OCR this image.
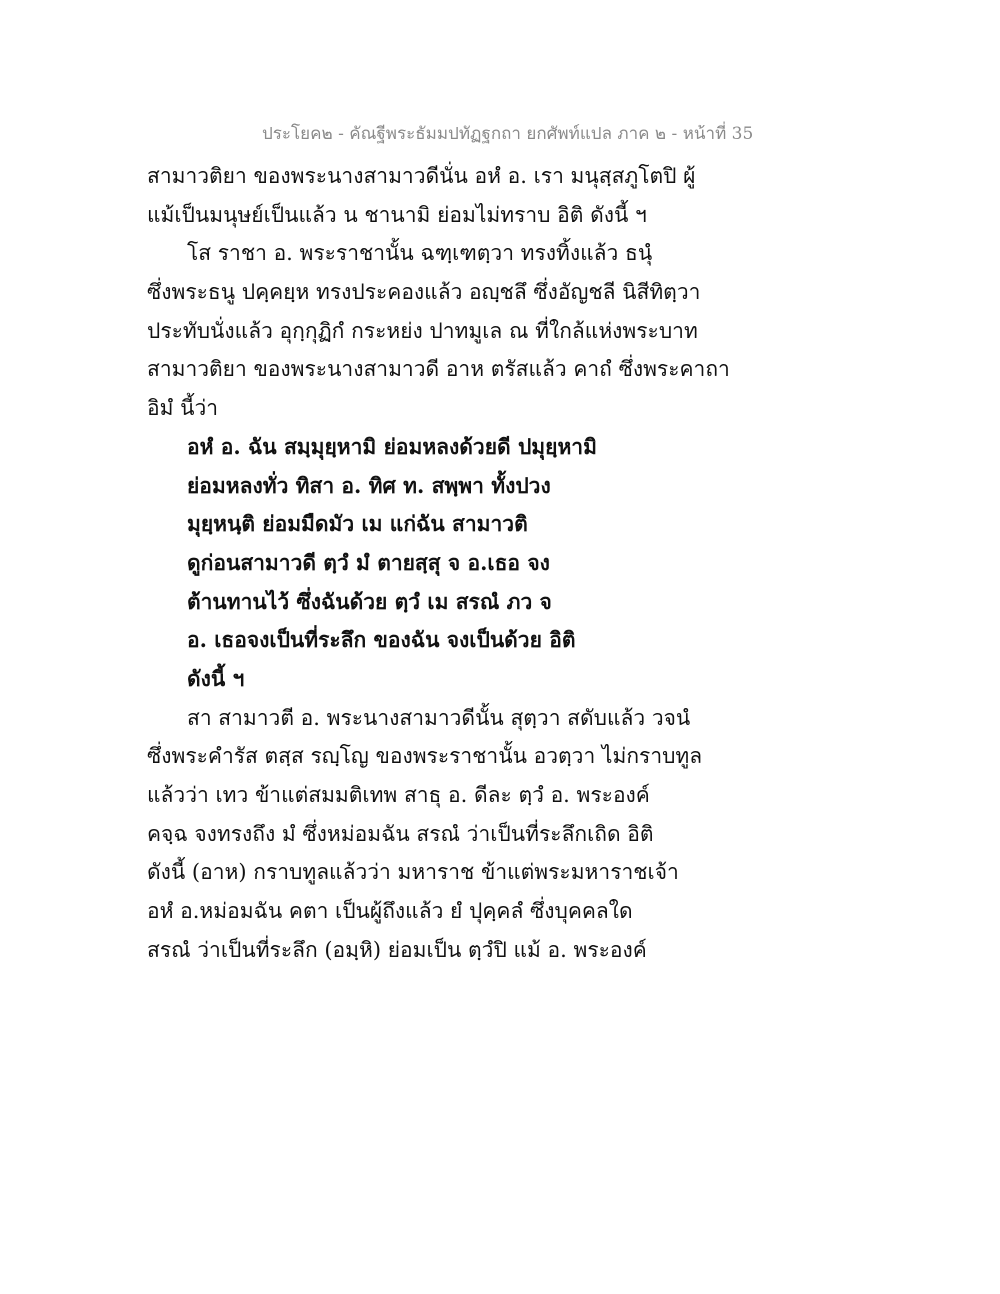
ประโยค๒ - คัณฐีพระธัมมปทัฏฐกถา ยกศัพท์แปล ภาค ๒ - หน้าที่ 35
สามาวติยา ของพระนางสามาวดีนั่น อหํ อ. เรา มนุสฺสภูโตปิ ผู้
แม้เป็นมนุษย์เป็นแล้ว น ชานามิ ย่อมไม่ทราบ อิติ ดังนี้ ฯ
โส ราชา อ. พระราชานั้น ฉฑฺเฑตฺวา ทรงทิ้งแล้ว ธนุํ
ซึ่งพระธนู ปคฺคยฺห ทรงประคองแล้ว อญฺชลึ ซึ่งอัญชลี นิสีทิตฺวา
ประทับนั่งแล้ว อุกฺกุฏิกํ กระหย่ง ปาทมูเล ณ ที่ใกล้แห่งพระบาท
สามาวติยา ของพระนางสามาวดี อาห ตรัสแล้ว คาถํ ซึ่งพระคาถา
อิมํ นี้ว่า
อหํ อ. ฉัน สมฺมุยฺหามิ ย่อมหลงด้วยดี ปมุยฺหามิ
ย่อมหลงทั่ว ทิสา อ. ทิศ ท. สพฺพา ทั้งปวง
มุยฺหนฺติ ย่อมมืดมัว เม แก่ฉัน สามาวติ
ดูก่อนสามาวดี ตฺวํ มํ ตายสฺสุ จ อ.เธอ จง
ต้านทานไว้ ซึ่งฉันด้วย ตฺวํ เม สรณํ ภว จ
อ. เธอจงเป็นที่ระลึก ของฉัน จงเป็นด้วย อิติ
ดังนี้ ฯ
สา สามาวตี อ. พระนางสามาวดีนั้น สุตฺวา สดับแล้ว วจนํ
ซึ่งพระคำรัส ตสฺส รญฺโญ ของพระราชานั้น อวตฺวา ไม่กราบทูล
แล้วว่า เทว ข้าแต่สมมติเทพ สาธุ อ. ดีละ ตฺวํ อ. พระองค์
คจฺฉ จงทรงถึง มํ ซึ่งหม่อมฉัน สรณํ ว่าเป็นที่ระลึกเถิด อิติ
ดังนี้ (อาห) กราบทูลแล้วว่า มหาราช ข้าแต่พระมหาราชเจ้า
อหํ อ.หม่อมฉัน คตา เป็นผู้ถึงแล้ว ยํ ปุคฺคลํ ซึ่งบุคคลใด
สรณํ ว่าเป็นที่ระลึก (อมฺหิ) ย่อมเป็น ตฺวํปิ แม้ อ. พระองค์
